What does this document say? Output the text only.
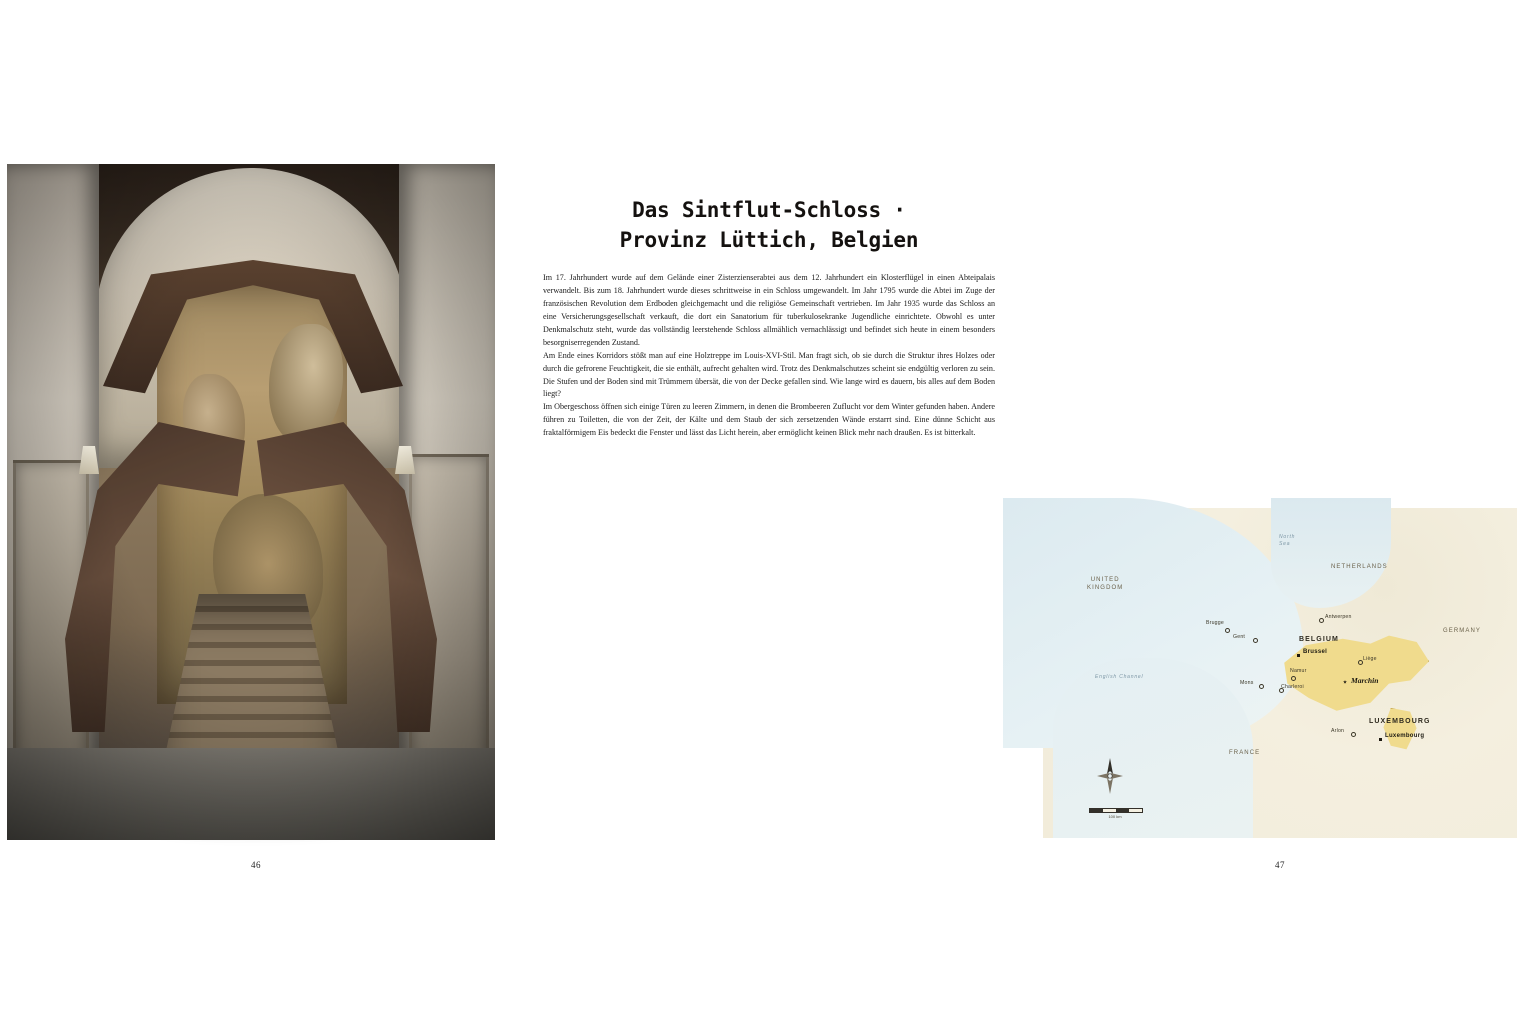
© Photo by Mathieu
46
Das Sintflut-Schloss ·
Provinz Lüttich, Belgien

Im 17. Jahrhundert wurde auf dem Gelände einer Zisterzienserabtei aus dem 12. Jahrhundert ein Klosterflügel in einen Abteipalais verwandelt. Bis zum 18. Jahrhundert wurde dieses schrittweise in ein Schloss umgewandelt. Im Jahr 1795 wurde die Abtei im Zuge der französischen Revolution dem Erdboden gleichgemacht und die religiöse Gemeinschaft vertrieben. Im Jahr 1935 wurde das Schloss an eine Versicherungsgesellschaft verkauft, die dort ein Sanatorium für tuberkulosekranke Jugendliche einrichtete. Obwohl es unter Denkmalschutz steht, wurde das vollständig leerstehende Schloss allmählich vernachlässigt und befindet sich heute in einem besonders besorgniserregenden Zustand.

Am Ende eines Korridors stößt man auf eine Holztreppe im Louis-XVI-Stil. Man fragt sich, ob sie durch die Struktur ihres Holzes oder durch die gefrorene Feuchtigkeit, die sie enthält, aufrecht gehalten wird. Trotz des Denkmalschutzes scheint sie endgültig verloren zu sein. Die Stufen und der Boden sind mit Trümmern übersät, die von der Decke gefallen sind. Wie lange wird es dauern, bis alles auf dem Boden liegt?

Im Obergeschoss öffnen sich einige Türen zu leeren Zimmern, in denen die Brombeeren Zuflucht vor dem Winter gefunden haben. Andere führen zu Toiletten, die von der Zeit, der Kälte und dem Staub der sich zersetzenden Wände erstarrt sind. Eine dünne Schicht aus fraktalförmigem Eis bedeckt die Fenster und lässt das Licht herein, aber ermöglicht keinen Blick mehr nach draußen. Es ist bitterkalt.

North
Sea
English Channel
UNITED
KINGDOM
NETHERLANDS
GERMANY
FRANCE
BELGIUM
LUXEMBOURG
Brugge
Antwerpen
Gent
Namur
Mons
Charleroi
Liège
Arlon
Brussel
Luxembourg
Marchin
100 km
47
